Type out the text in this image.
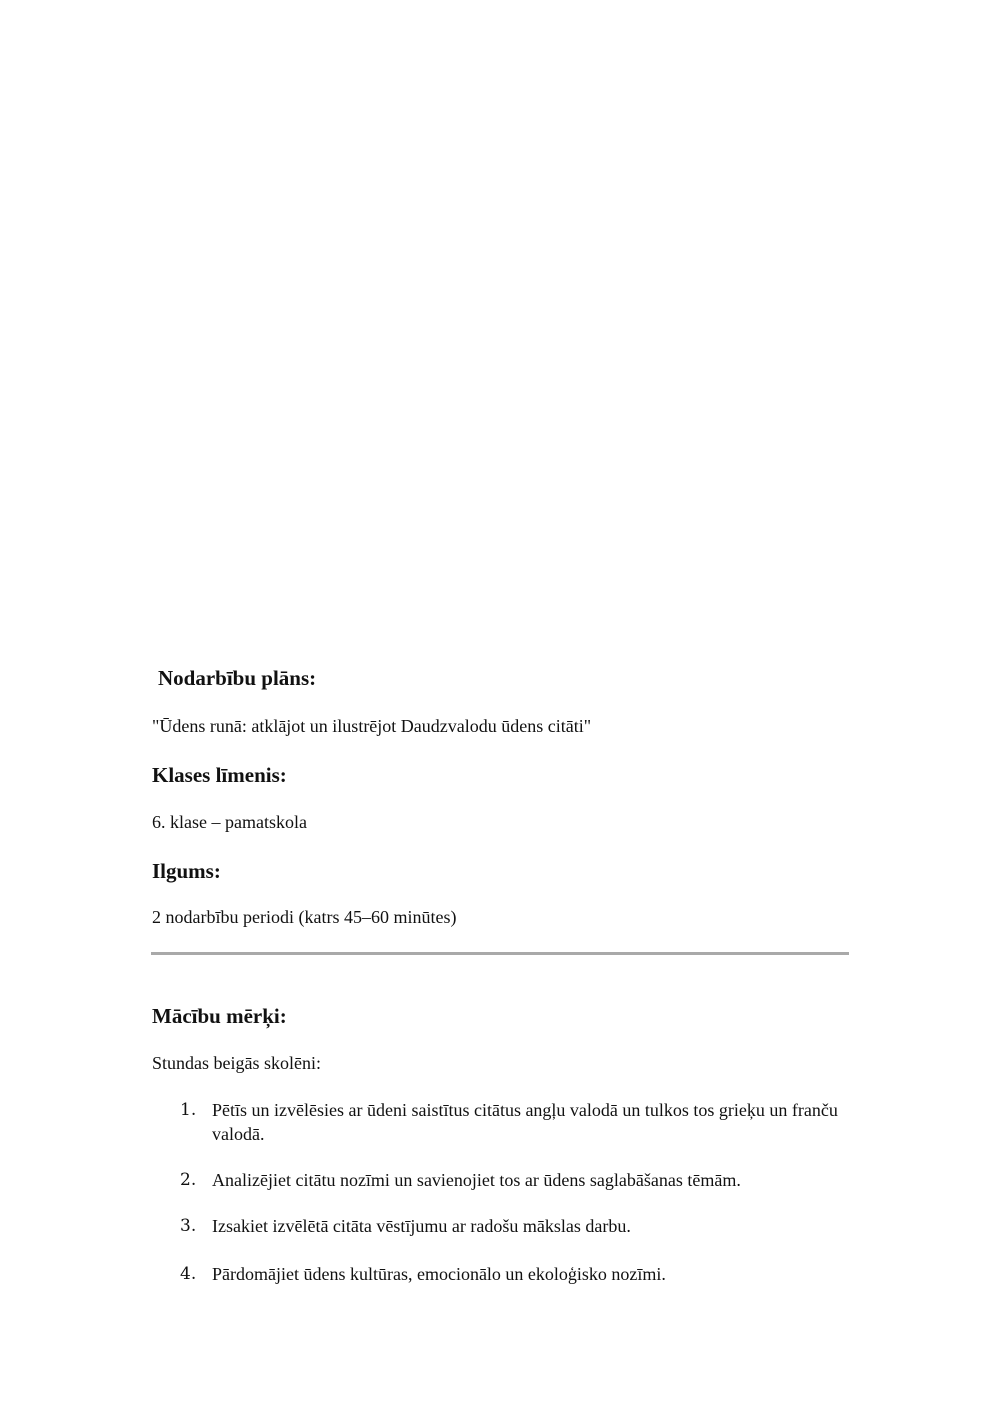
Nodarbību plāns:

"Ūdens runā: atklājot un ilustrējot Daudzvalodu ūdens citāti"

Klases līmenis:

6. klase – pamatskola

Ilgums:

2 nodarbību periodi (katrs 45–60 minūtes)

Mācību mērķi:

Stundas beigās skolēni:

1. Pētīs un izvēlēsies ar ūdeni saistītus citātus angļu valodā un tulkos tos grieķu un franču valodā.
2. Analizējiet citātu nozīmi un savienojiet tos ar ūdens saglabāšanas tēmām.
3. Izsakiet izvēlētā citāta vēstījumu ar radošu mākslas darbu.
4. Pārdomājiet ūdens kultūras, emocionālo un ekoloģisko nozīmi.
